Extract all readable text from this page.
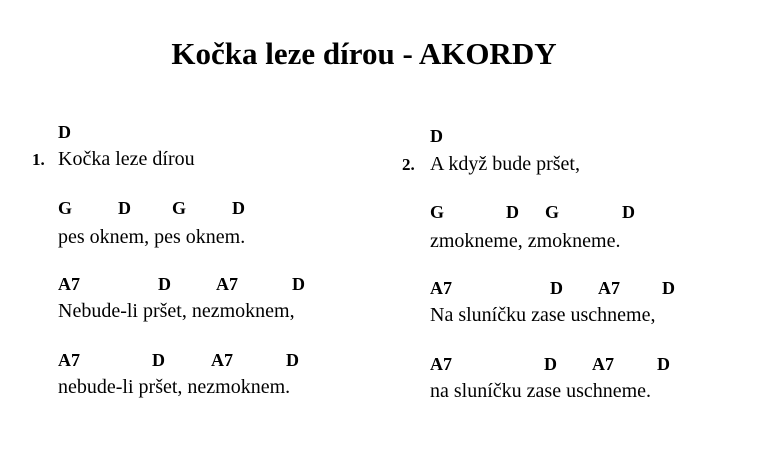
Kočka leze dírou - AKORDY
1.
D
Kočka leze dírou
G	D G	D
pes oknem, pes oknem.
A7	D	A7	D
Nebude-li pršet, nezmoknem,
A7	D	A7	D
nebude-li pršet, nezmoknem.
2.
D
A když bude pršet,
G	D G	D
zmokneme, zmokneme.
A7	D A7 D
Na sluníčku zase uschneme,
A7	D A7 D
na sluníčku zase uschneme.
